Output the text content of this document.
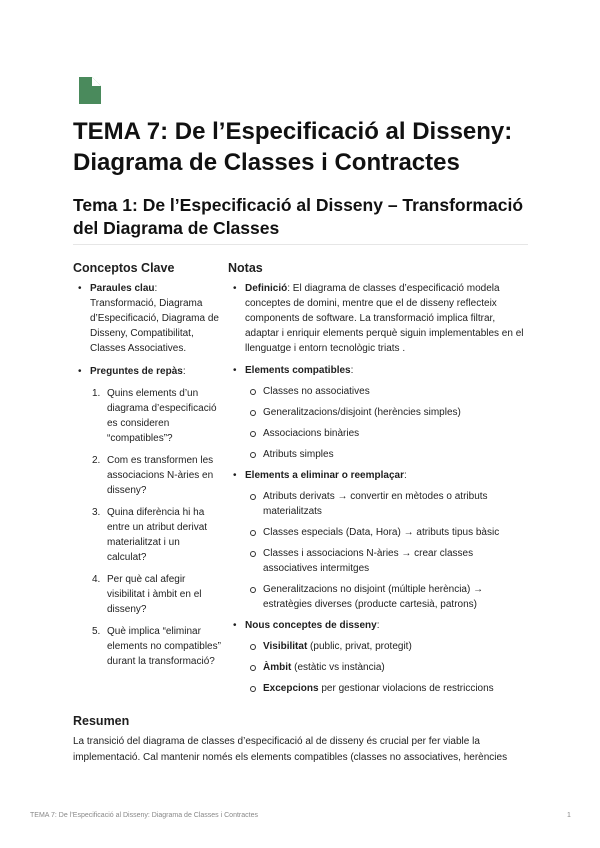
TEMA 7: De l’Especificació al Disseny: Diagrama de Classes i Contractes
Tema 1: De l’Especificació al Disseny – Transformació del Diagrama de Classes
Conceptos Clave	Notas
• Paraules clau: Transformació, Diagrama d’Especificació, Diagrama de Disseny, Compatibilitat, Classes Associatives.
• Preguntes de repàs:
1. Quins elements d’un diagrama d’especificació es consideren “compatibles”?
2. Com es transformen les associacions N-àries en disseny?
3. Quina diferència hi ha entre un atribut derivat materialitzat i un calculat?
4. Per què cal afegir visibilitat i àmbit en el disseny?
5. Què implica “eliminar elements no compatibles” durant la transformació?
• Definició: El diagrama de classes d’especificació modela conceptes de domini, mentre que el de disseny reflecteix components de software. La transformació implica filtrar, adaptar i enriquir elements perquè siguin implementables en el llenguatge i entorn tecnològic triats .
• Elements compatibles:
Classes no associatives
Generalitzacions/disjoint (herències simples)
Associacions binàries
Atributs simples
• Elements a eliminar o reemplaçar:
Atributs derivats → convertir en mètodes o atributs materialitzats
Classes especials (Data, Hora) → atributs tipus bàsic
Classes i associacions N-àries → crear classes associatives intermitges
Generalitzacions no disjoint (múltiple herència) → estratègies diverses (producte cartesià, patrons)
• Nous conceptes de disseny:
Visibilitat (public, privat, protegit)
Àmbit (estàtic vs instància)
Excepcions per gestionar violacions de restriccions
Resumen

La transició del diagrama de classes d’especificació al de disseny és crucial per fer viable la implementació. Cal mantenir només els elements compatibles (classes no associatives, herències

TEMA 7: De l’Especificació al Disseny: Diagrama de Classes i Contractes	1
